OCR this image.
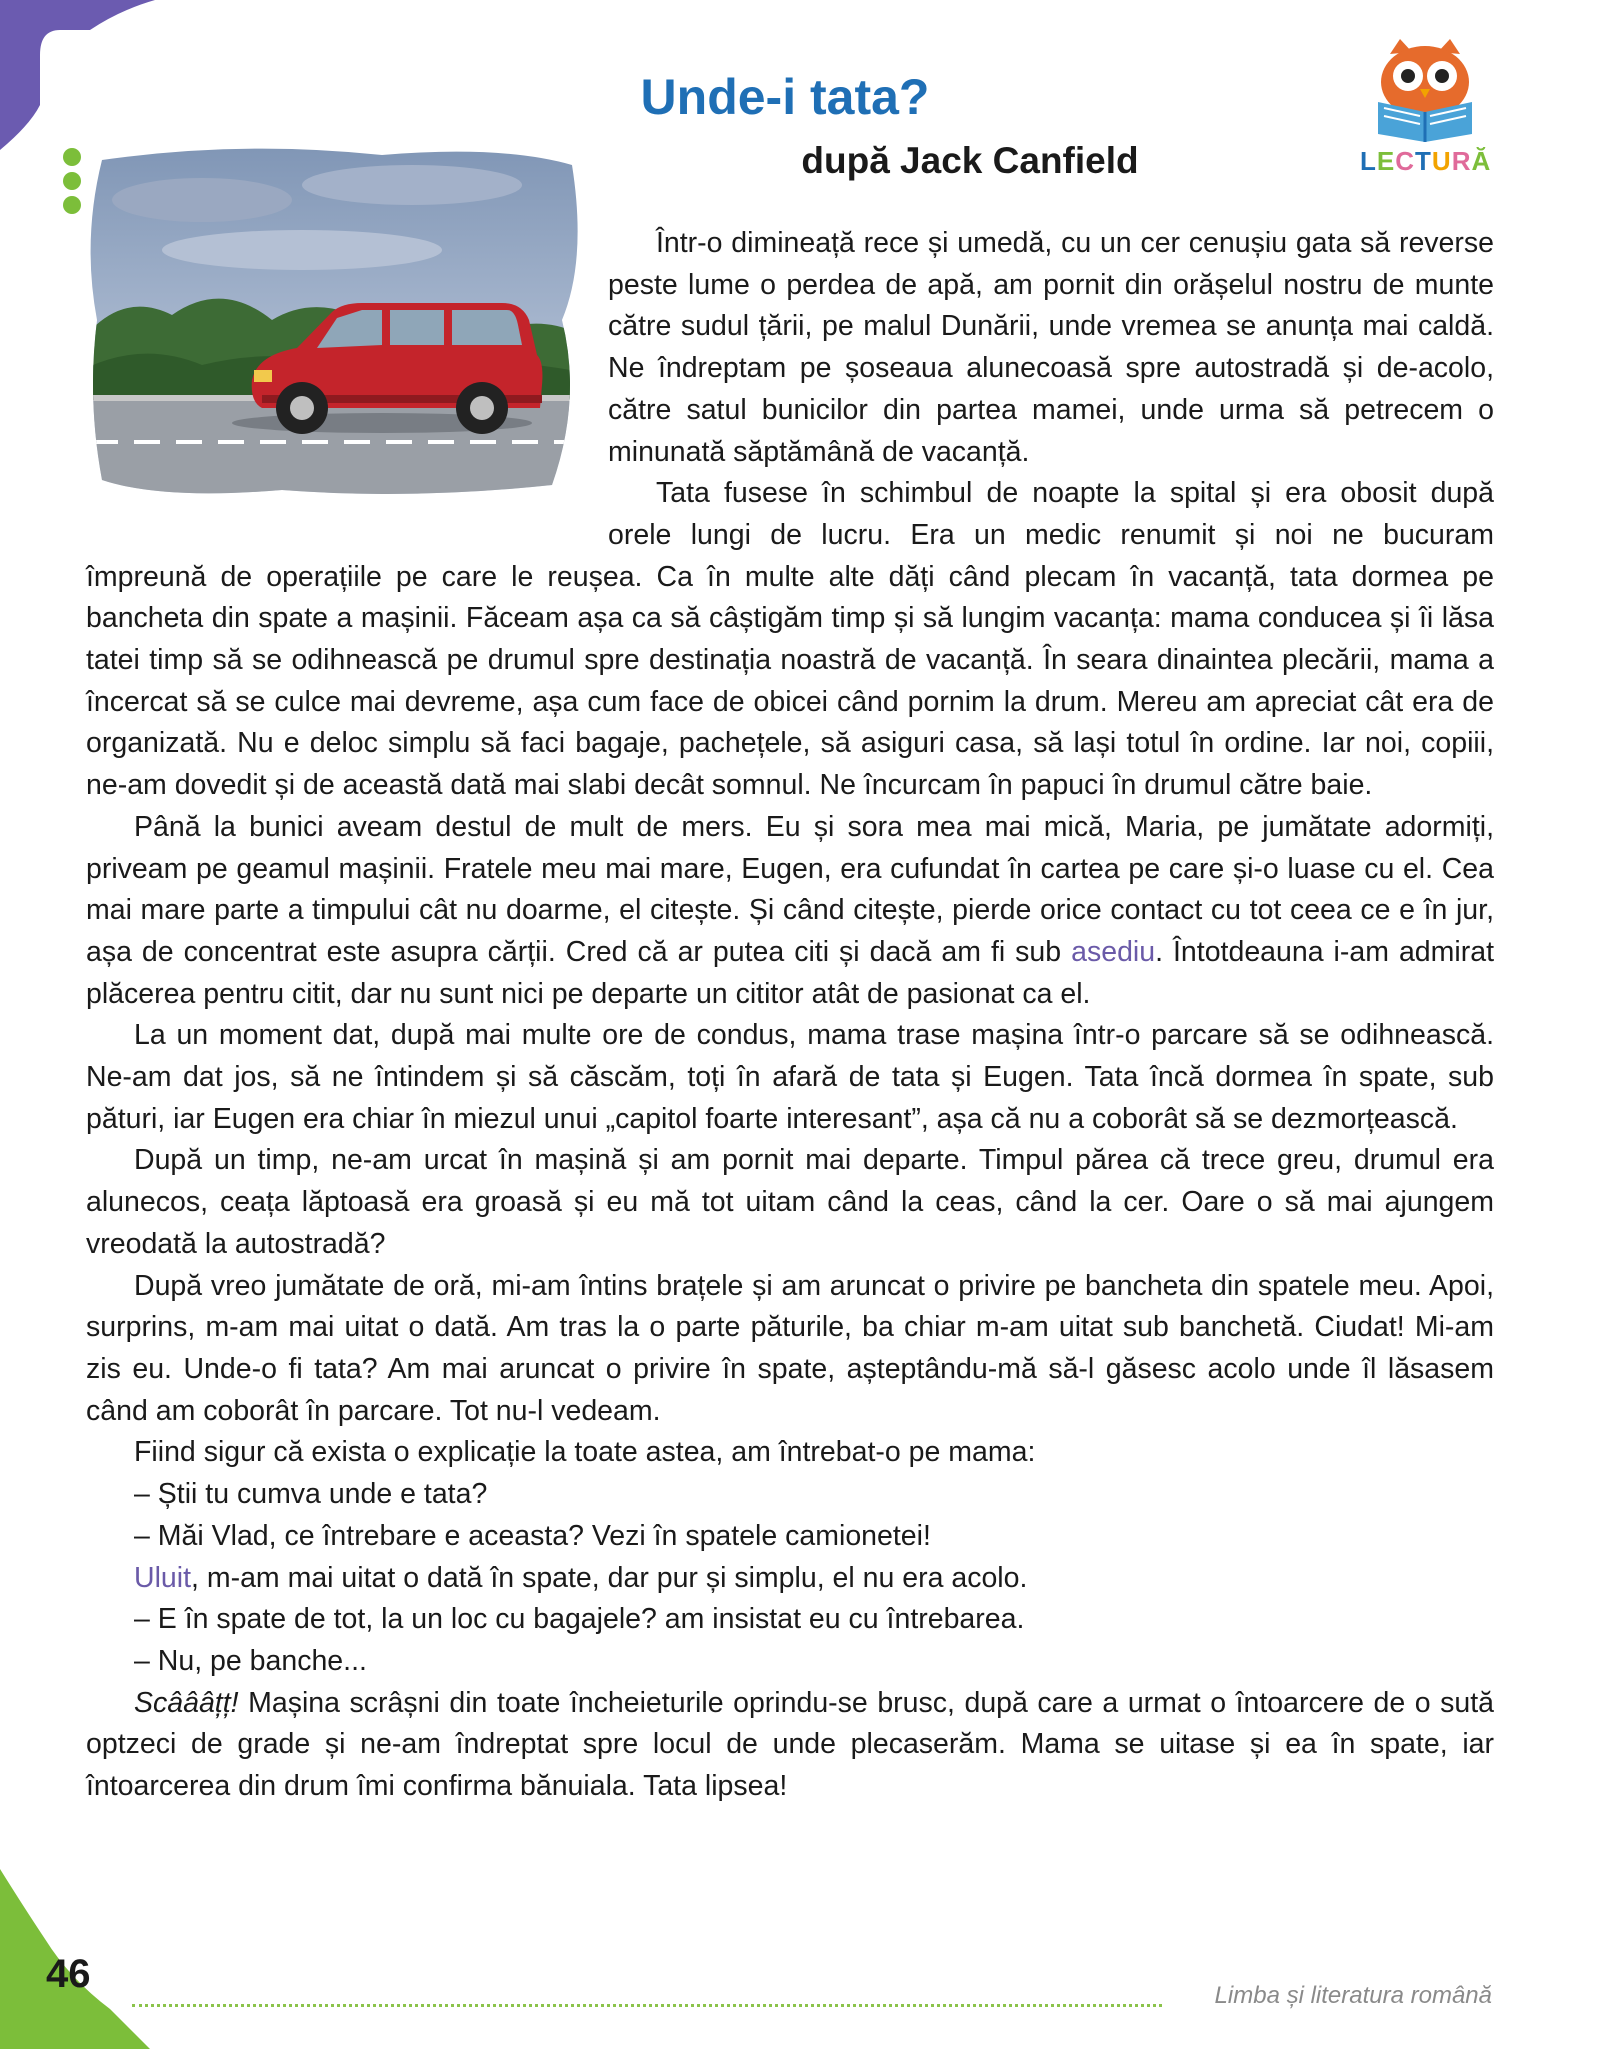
Unde-i tata?
după Jack Canfield	LECTURĂ

Într-o dimineață rece și umedă, cu un cer cenușiu gata să reverse peste lume o perdea de apă, am pornit din orășelul nostru de munte către sudul țării, pe malul Dunării, unde vremea se anunța mai caldă. Ne îndreptam pe șoseaua alunecoasă spre autostradă și de-acolo, către satul bunicilor din partea mamei, unde urma să petrecem o minunată săptămână de vacanță.

Tata fusese în schimbul de noapte la spital și era obosit după orele lungi de lucru. Era un medic renumit și noi ne bucuram împreună de operațiile pe care le reușea. Ca în multe alte dăți când plecam în vacanță, tata dormea pe bancheta din spate a mașinii. Făceam așa ca să câștigăm timp și să lungim vacanța: mama conducea și îi lăsa tatei timp să se odihnească pe drumul spre destinația noastră de vacanță. În seara dinaintea plecării, mama a încercat să se culce mai devreme, așa cum face de obicei când pornim la drum. Mereu am apreciat cât era de organizată. Nu e deloc simplu să faci bagaje, pachețele, să asiguri casa, să lași totul în ordine. Iar noi, copiii, ne-am dovedit și de această dată mai slabi decât somnul. Ne încurcam în papuci în drumul către baie.

Până la bunici aveam destul de mult de mers. Eu și sora mea mai mică, Maria, pe jumătate adormiți, priveam pe geamul mașinii. Fratele meu mai mare, Eugen, era cufundat în cartea pe care și-o luase cu el. Cea mai mare parte a timpului cât nu doarme, el citește. Și când citește, pierde orice contact cu tot ceea ce e în jur, așa de concentrat este asupra cărții. Cred că ar putea citi și dacă am fi sub asediu. Întotdeauna i-am admirat plăcerea pentru citit, dar nu sunt nici pe departe un cititor atât de pasionat ca el.

La un moment dat, după mai multe ore de condus, mama trase mașina într-o parcare să se odihnească. Ne-am dat jos, să ne întindem și să căscăm, toți în afară de tata și Eugen. Tata încă dormea în spate, sub pături, iar Eugen era chiar în miezul unui „capitol foarte interesant”, așa că nu a coborât să se dezmorțească.

După un timp, ne-am urcat în mașină și am pornit mai departe. Timpul părea că trece greu, drumul era alunecos, ceața lăptoasă era groasă și eu mă tot uitam când la ceas, când la cer. Oare o să mai ajungem vreodată la autostradă?

După vreo jumătate de oră, mi-am întins brațele și am aruncat o privire pe bancheta din spatele meu. Apoi, surprins, m-am mai uitat o dată. Am tras la o parte păturile, ba chiar m-am uitat sub banchetă. Ciudat! Mi-am zis eu. Unde-o fi tata? Am mai aruncat o privire în spate, așteptându-mă să-l găsesc acolo unde îl lăsasem când am coborât în parcare. Tot nu-l vedeam.

Fiind sigur că exista o explicație la toate astea, am întrebat-o pe mama:

– Știi tu cumva unde e tata?

– Măi Vlad, ce întrebare e aceasta? Vezi în spatele camionetei!

Uluit, m-am mai uitat o dată în spate, dar pur și simplu, el nu era acolo.

– E în spate de tot, la un loc cu bagajele? am insistat eu cu întrebarea.

– Nu, pe banche...

Scâââțț! Mașina scrâșni din toate încheieturile oprindu-se brusc, după care a urmat o întoarcere de o sută optzeci de grade și ne-am îndreptat spre locul de unde plecaserăm. Mama se uitase și ea în spate, iar întoarcerea din drum îmi confirma bănuiala. Tata lipsea!

46	Limba și literatura română
